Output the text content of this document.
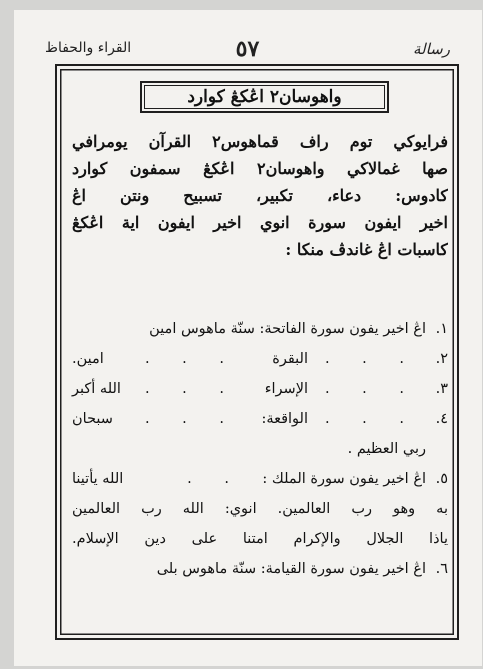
رسالة
٥٧
القراء والحفاظ
واهوسان٢ اڠكڠ كوارد
فرايوكي توم راف قماهوس٢ القرآن يومرافي
صها غمالاكي واهوسان٢ اڠكڠ سمفون كوارد
كادوس: دعاء، تكبير، تسبيح ونتن اڠ
اخير ايفون سورة انوي اخير ايفون اية اڠكڠ
كاسبات اڠ غاندڤ منكا :
١.
اڠ اخير يفون سورة الفاتحة: سنّة ماهوس امين
٢.
. . .
البقرة
. . .
امين.
٣.
. . .
الإسراء
. . .
الله أكبر
٤.
. . .
الواقعة:
. . .
سبحان
ربي العظيم .
٥.
اڠ اخير يفون سورة الملك :
. .
الله يأتينا
به وهو رب العالمين. انوي: الله رب العالمين
ياذا الجلال والإكرام امتنا على دين الإسلام.
٦.
اڠ اخير يفون سورة القيامة: سنّة ماهوس بلى
